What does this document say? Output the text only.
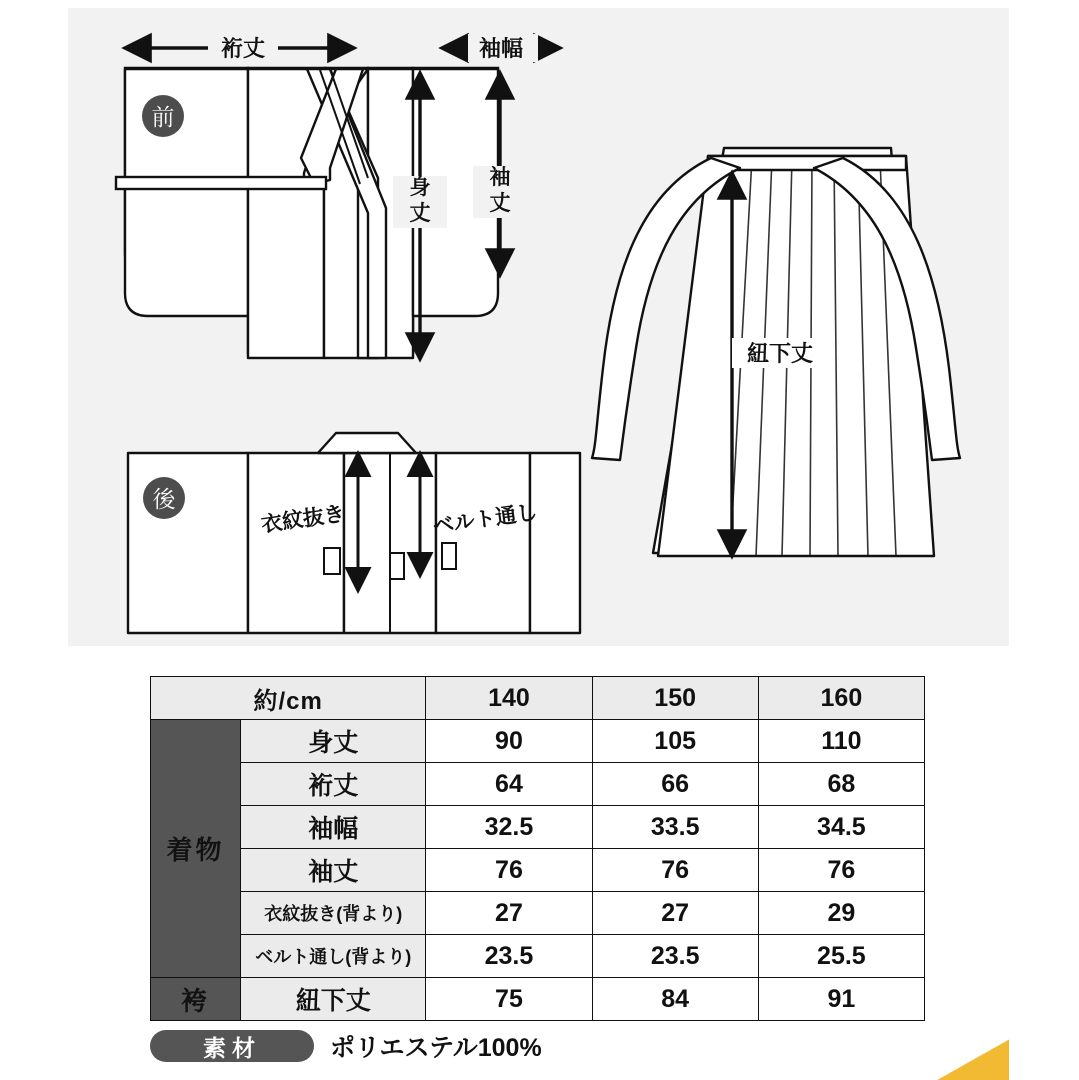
前
裄丈	袖幅
身
丈
袖
丈
後
衣紋抜き	ベルト通し
紐下丈
約/cm		140	150	160
着物	身丈	90	105	110
	裄丈	64	66	68
	袖幅	32.5	33.5	34.5
	袖丈	76	76	76
	衣紋抜き(背より)	27	27	29
	ベルト通し(背より)	23.5	23.5	25.5
袴	紐下丈	75	84	91
素材	ポリエステル100%
